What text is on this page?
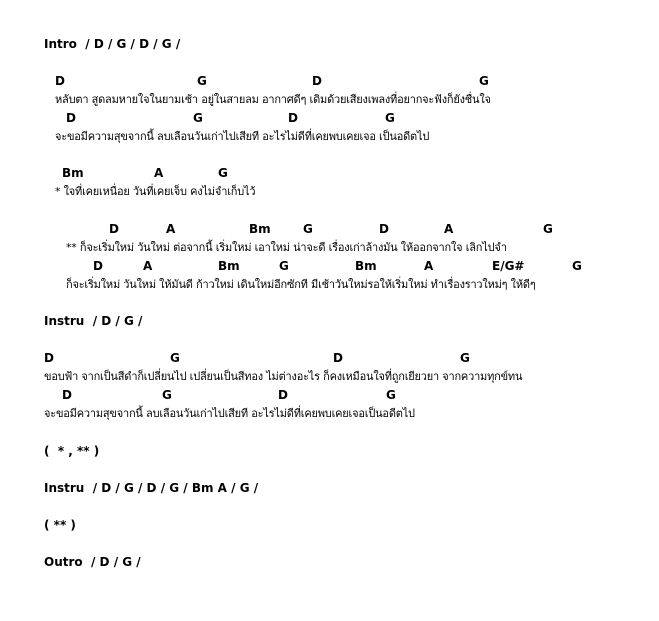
Intro  / D / G / D / G /
D	G	D	G
หลับตา สูดลมหายใจในยามเช้า อยู่ในสายลม อากาศดีๆ เดิมด้วยเสียงเพลงที่อยากจะฟังก็ยังชื่นใจ
D	G	D	G
จะขอมีความสุขจากนี้ ลบเลือนวันเก่าไปเสียที อะไรไม่ดีที่เคยพบเคยเจอ เป็นอดีตไป
Bm	A	G
* ใจที่เคยเหนื่อย วันที่เคยเจ็บ คงไม่จำเก็บไว้
D	A	Bm	G	D	A	G
** ก็จะเริ่มใหม่ วันใหม่ ต่อจากนี้ เริ่มใหม่ เอาใหม่ น่าจะดี เรื่องเก่าล้างมัน ให้ออกจากใจ เลิกไปจำ
D	A	Bm	G	Bm	A	E/G#	G
ก็จะเริ่มใหม่ วันใหม่ ให้มันดี ก้าวใหม่ เดินใหม่อีกซักที มีเช้าวันใหม่รอให้เริ่มใหม่ ทำเรื่องราวใหม่ๆ ให้ดีๆ
Instru  / D / G /
D	G	D	G
ขอบฟ้า จากเป็นสีดำก็เปลี่ยนไป เปลี่ยนเป็นสีทอง ไม่ต่างอะไร ก็คงเหมือนใจที่ถูกเยียวยา จากความทุกข์ทน
D	G	D	G
จะขอมีความสุขจากนี้ ลบเลือนวันเก่าไปเสียที อะไรไม่ดีที่เคยพบเคยเจอเป็นอดีตไป
(  * , ** )
Instru  / D / G / D / G / Bm A / G /
( ** )
Outro  / D / G /
